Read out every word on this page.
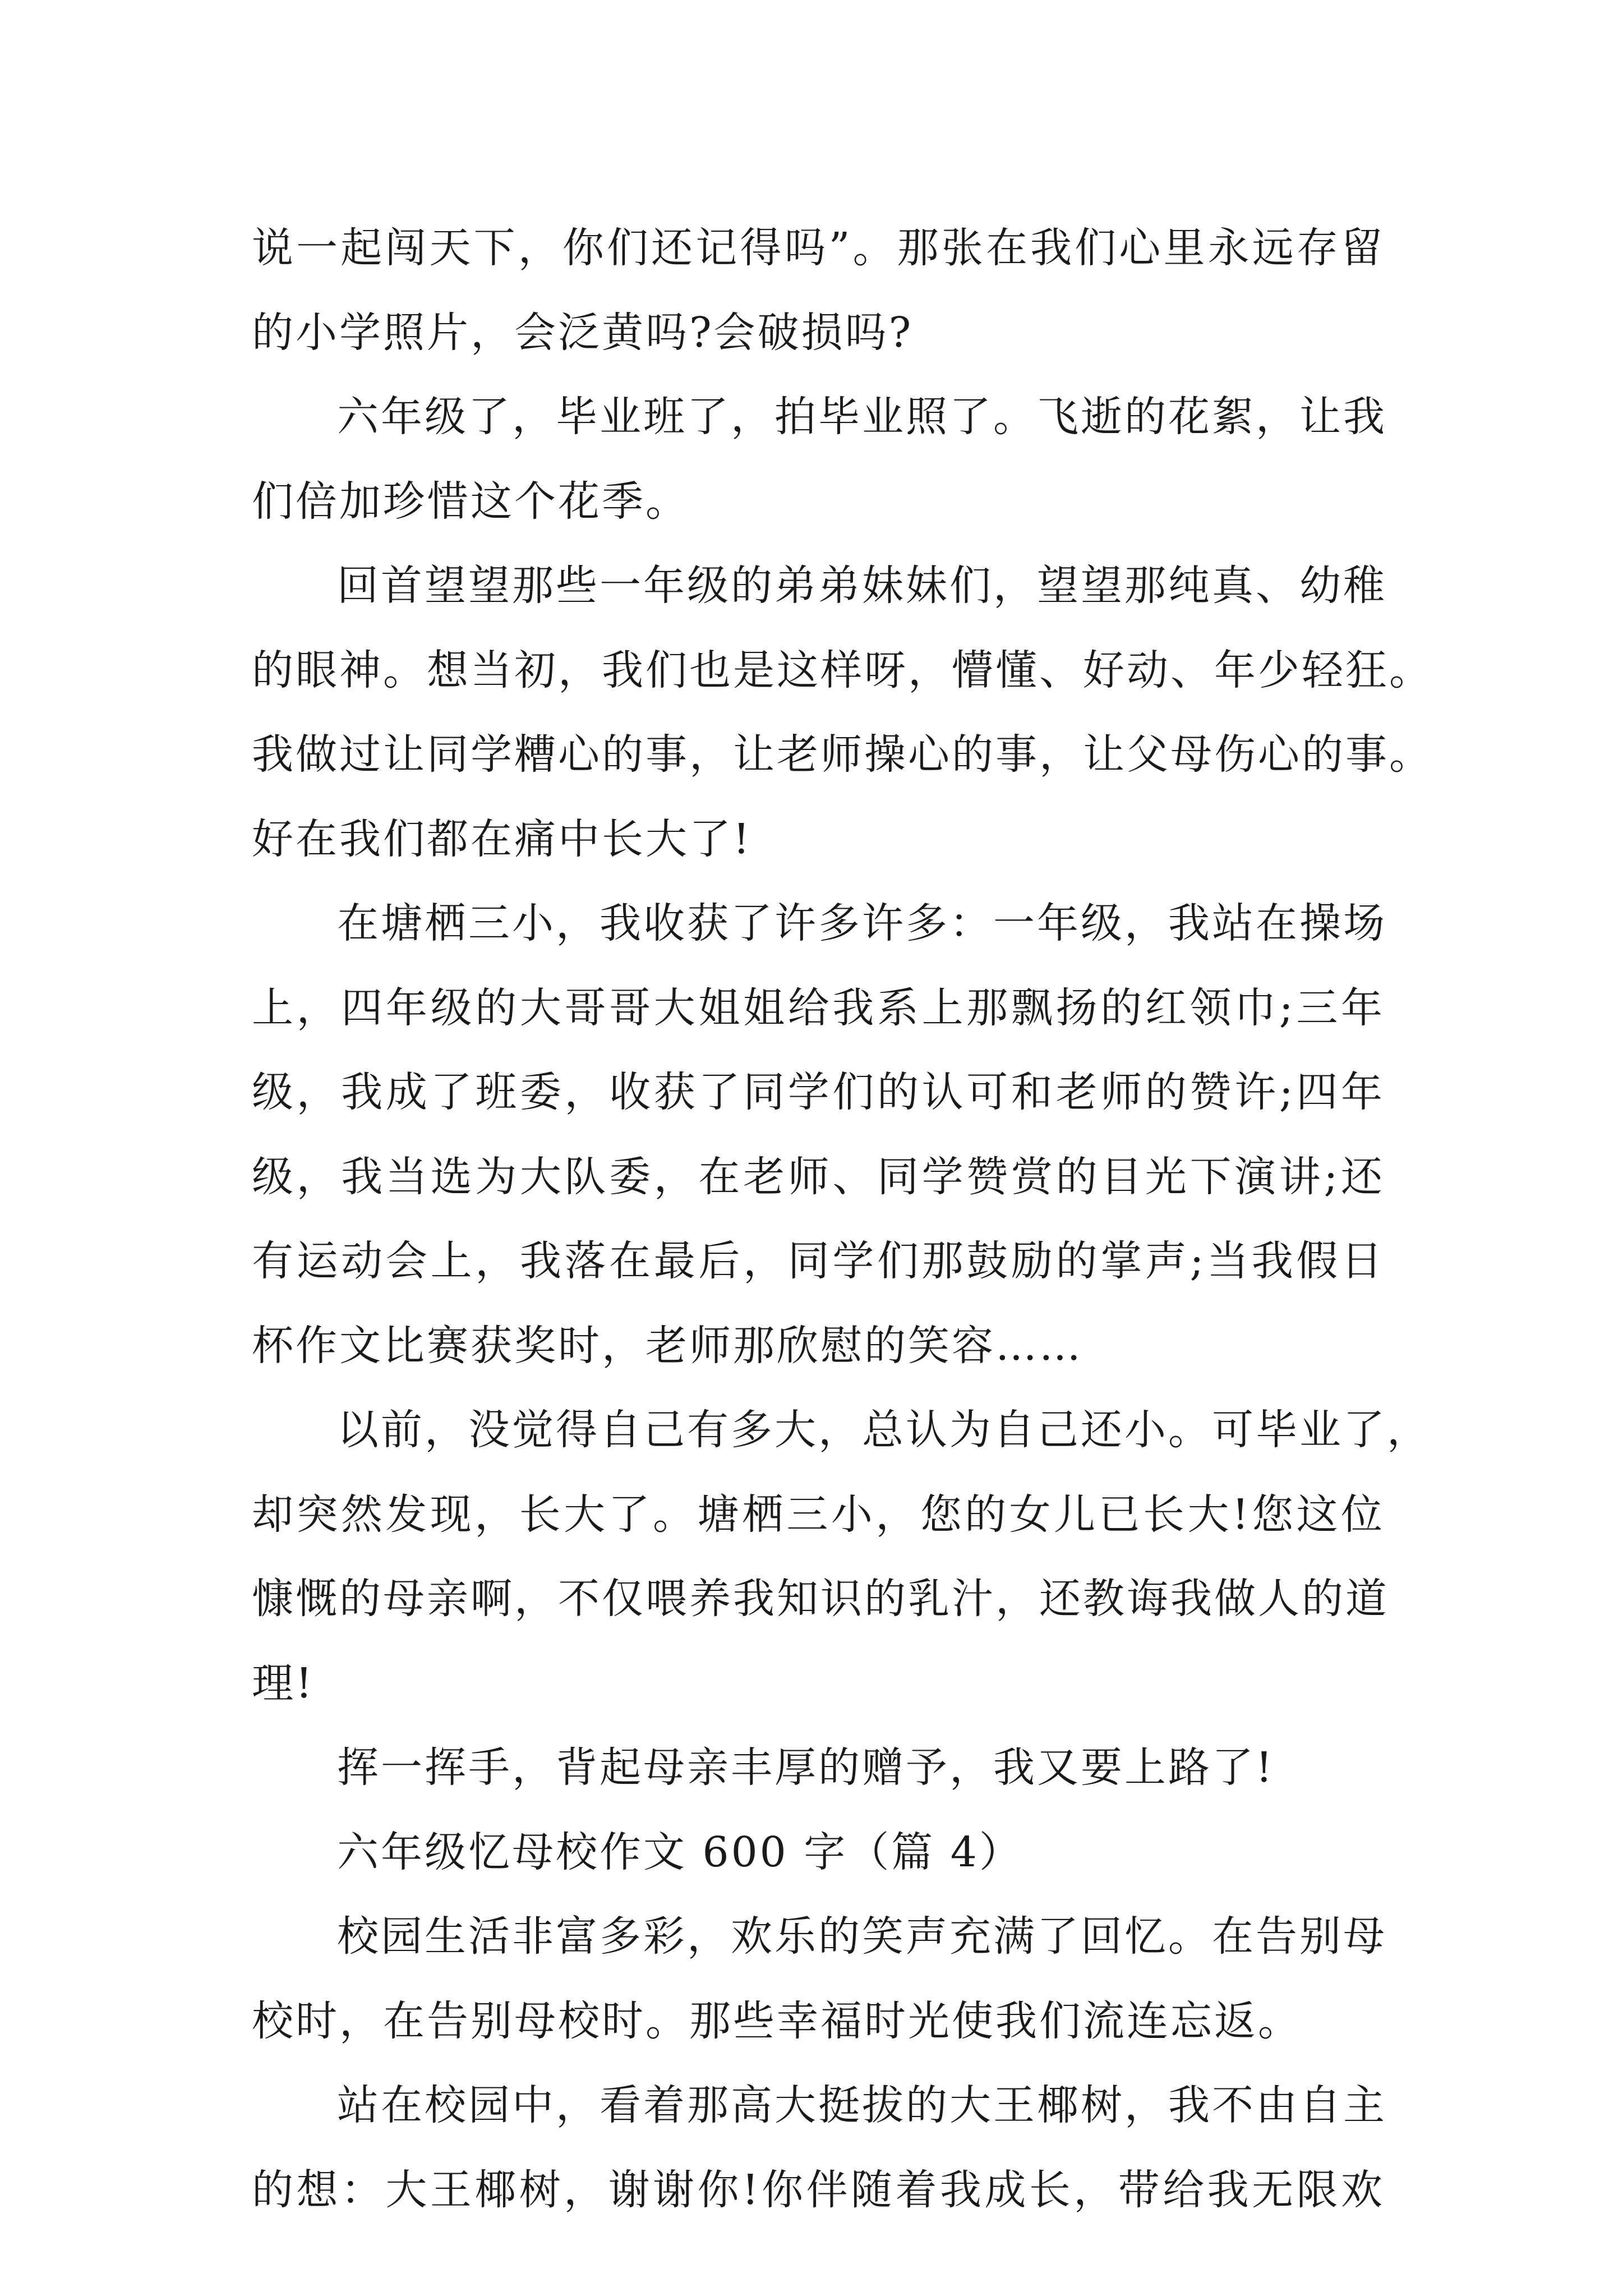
说一起闯天下，你们还记得吗”。那张在我们心里永远存留
的小学照片，会泛黄吗?会破损吗?
六年级了，毕业班了，拍毕业照了。飞逝的花絮，让我
们倍加珍惜这个花季。
回首望望那些一年级的弟弟妹妹们，望望那纯真、幼稚
的眼神。想当初，我们也是这样呀，懵懂、好动、年少轻狂。
我做过让同学糟心的事，让老师操心的事，让父母伤心的事。
好在我们都在痛中长大了!
在塘栖三小，我收获了许多许多：一年级，我站在操场
上，四年级的大哥哥大姐姐给我系上那飘扬的红领巾;三年
级，我成了班委，收获了同学们的认可和老师的赞许;四年
级，我当选为大队委，在老师、同学赞赏的目光下演讲;还
有运动会上，我落在最后，同学们那鼓励的掌声;当我假日
杯作文比赛获奖时，老师那欣慰的笑容……
以前，没觉得自己有多大，总认为自己还小。可毕业了，
却突然发现，长大了。塘栖三小，您的女儿已长大!您这位
慷慨的母亲啊，不仅喂养我知识的乳汁，还教诲我做人的道
理!
挥一挥手，背起母亲丰厚的赠予，我又要上路了!
六年级忆母校作文 600 字（篇 4）
校园生活非富多彩，欢乐的笑声充满了回忆。在告别母
校时，在告别母校时。那些幸福时光使我们流连忘返。
站在校园中，看着那高大挺拔的大王椰树，我不由自主
的想：大王椰树，谢谢你!你伴随着我成长，带给我无限欢
